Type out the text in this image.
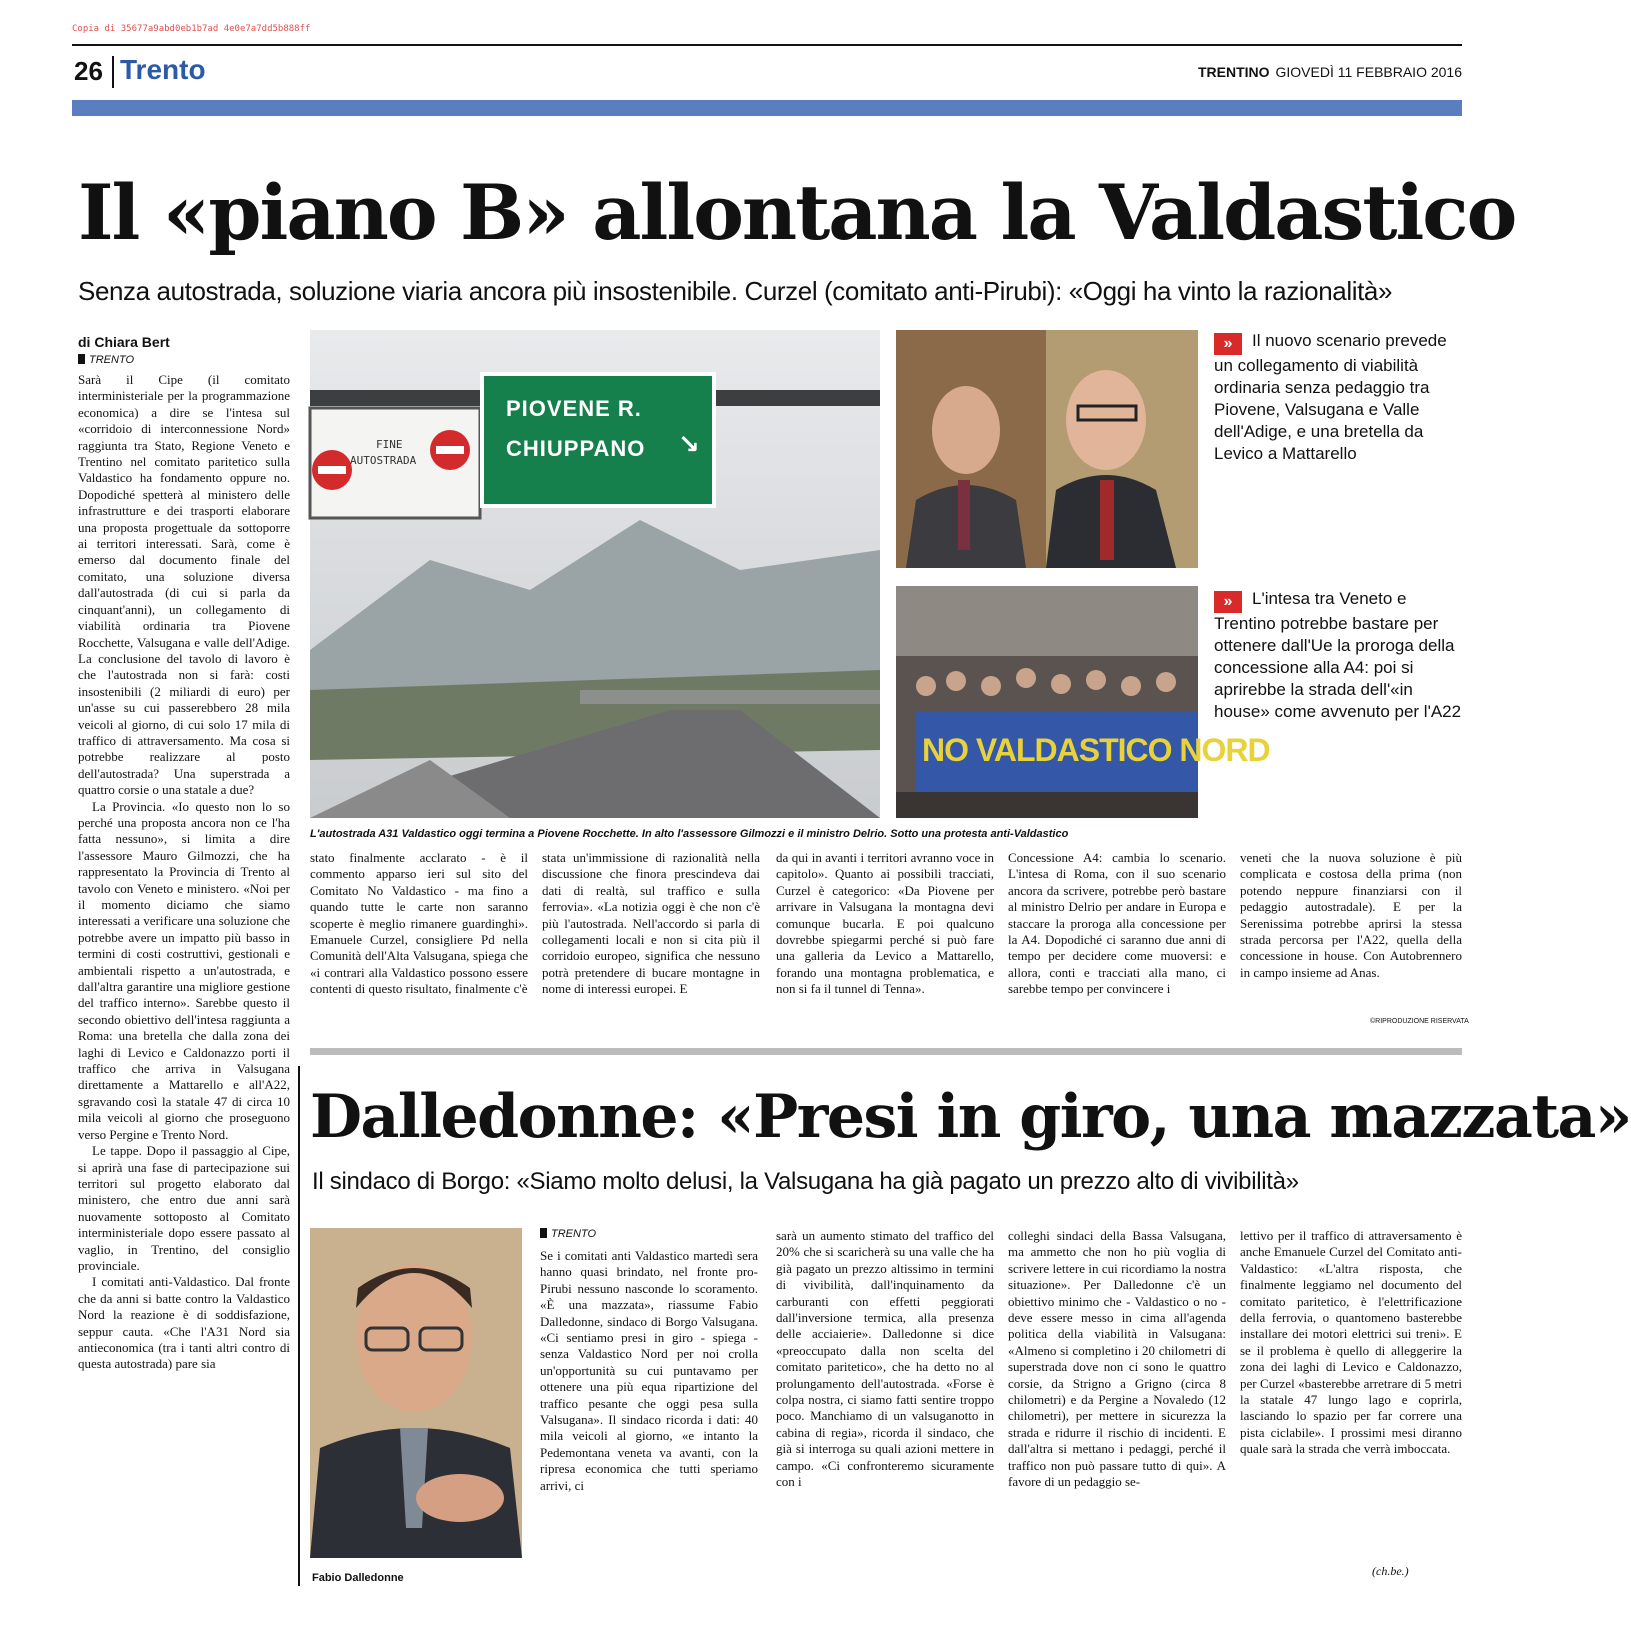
Copia di 35677a9abd0eb1b7ad 4e0e7a7dd5b888ff
26 Trento	TRENTINO GIOVEDÌ 11 FEBBRAIO 2016
Il «piano B» allontana la Valdastico
Senza autostrada, soluzione viaria ancora più insostenibile. Curzel (comitato anti-Pirubi): «Oggi ha vinto la razionalità»
di Chiara Bert
TRENTO

Sarà il Cipe (il comitato interministeriale per la programmazione economica) a dire se l'intesa sul «corridoio di interconnessione Nord» raggiunta tra Stato, Regione Veneto e Trentino nel comitato paritetico sulla Valdastico ha fondamento oppure no. Dopodiché spetterà al ministero delle infrastrutture e dei trasporti elaborare una proposta progettuale da sottoporre ai territori interessati. Sarà, come è emerso dal documento finale del comitato, una soluzione diversa dall'autostrada (di cui si parla da cinquant'anni), un collegamento di viabilità ordinaria tra Piovene Rocchette, Valsugana e valle dell'Adige. La conclusione del tavolo di lavoro è che l'autostrada non si farà: costi insostenibili (2 miliardi di euro) per un'asse su cui passerebbero 28 mila veicoli al giorno, di cui solo 17 mila di traffico di attraversamento. Ma cosa si potrebbe realizzare al posto dell'autostrada? Una superstrada a quattro corsie o una statale a due?

La Provincia. «Io questo non lo so perché una proposta ancora non ce l'ha fatta nessuno», si limita a dire l'assessore Mauro Gilmozzi, che ha rappresentato la Provincia di Trento al tavolo con Veneto e ministero. «Noi per il momento diciamo che siamo interessati a verificare una soluzione che potrebbe avere un impatto più basso in termini di costi costruttivi, gestionali e ambientali rispetto a un'autostrada, e dall'altra garantire una migliore gestione del traffico interno». Sarebbe questo il secondo obiettivo dell'intesa raggiunta a Roma: una bretella che dalla zona dei laghi di Levico e Caldonazzo porti il traffico che arriva in Valsugana direttamente a Mattarello e all'A22, sgravando così la statale 47 di circa 10 mila veicoli al giorno che proseguono verso Pergine e Trento Nord.

Le tappe. Dopo il passaggio al Cipe, si aprirà una fase di partecipazione sui territori sul progetto elaborato dal ministero, che entro due anni sarà nuovamente sottoposto al Comitato interministeriale dopo essere passato al vaglio, in Trentino, del consiglio provinciale.

I comitati anti-Valdastico. Dal fronte che da anni si batte contro la Valdastico Nord la reazione è di soddisfazione, seppur cauta. «Che l'A31 Nord sia antieconomica (tra i tanti altri contro di questa autostrada) pare sia

FINE
AUTOSTRADA
PIOVENE R.
CHIUPPANO ↘
NO VALDASTICO NORD
L'autostrada A31 Valdastico oggi termina a Piovene Rocchette. In alto l'assessore Gilmozzi e il ministro Delrio. Sotto una protesta anti-Valdastico
» Il nuovo scenario prevede un collegamento di viabilità ordinaria senza pedaggio tra Piovene, Valsugana e Valle dell'Adige, e una bretella da Levico a Mattarello
» L'intesa tra Veneto e Trentino potrebbe bastare per ottenere dall'Ue la proroga della concessione alla A4: poi si aprirebbe la strada dell'«in house» come avvenuto per l'A22
stato finalmente acclarato - è il commento apparso ieri sul sito del Comitato No Valdastico - ma fino a quando tutte le carte non saranno scoperte è meglio rimanere guardinghi». Emanuele Curzel, consigliere Pd nella Comunità dell'Alta Valsugana, spiega che «i contrari alla Valdastico possono essere contenti di questo risultato, finalmente c'è
stata un'immissione di razionalità nella discussione che finora prescindeva dai dati di realtà, sul traffico e sulla ferrovia». «La notizia oggi è che non c'è più l'autostrada. Nell'accordo si parla di collegamenti locali e non si cita più il corridoio europeo, significa che nessuno potrà pretendere di bucare montagne in nome di interessi europei. E
da qui in avanti i territori avranno voce in capitolo». Quanto ai possibili tracciati, Curzel è categorico: «Da Piovene per arrivare in Valsugana la montagna devi comunque bucarla. E poi qualcuno dovrebbe spiegarmi perché si può fare una galleria da Levico a Mattarello, forando una montagna problematica, e non si fa il tunnel di Tenna».
Concessione A4: cambia lo scenario. L'intesa di Roma, con il suo scenario ancora da scrivere, potrebbe però bastare al ministro Delrio per andare in Europa e staccare la proroga alla concessione per la A4. Dopodiché ci saranno due anni di tempo per decidere come muoversi: e allora, conti e tracciati alla mano, ci sarebbe tempo per convincere i
veneti che la nuova soluzione è più complicata e costosa della prima (non potendo neppure finanziarsi con il pedaggio autostradale). E per la Serenissima potrebbe aprirsi la stessa strada percorsa per l'A22, quella della concessione in house. Con Autobrennero in campo insieme ad Anas.
©RIPRODUZIONE RISERVATA
Dalledonne: «Presi in giro, una mazzata»
Il sindaco di Borgo: «Siamo molto delusi, la Valsugana ha già pagato un prezzo alto di vivibilità»
Fabio Dalledonne
TRENTO
Se i comitati anti Valdastico martedì sera hanno quasi brindato, nel fronte pro-Pirubi nessuno nasconde lo scoramento. «È una mazzata», riassume Fabio Dalledonne, sindaco di Borgo Valsugana. «Ci sentiamo presi in giro - spiega - senza Valdastico Nord per noi crolla un'opportunità su cui puntavamo per ottenere una più equa ripartizione del traffico pesante che oggi pesa sulla Valsugana». Il sindaco ricorda i dati: 40 mila veicoli al giorno, «e intanto la Pedemontana veneta va avanti, con la ripresa economica che tutti speriamo arrivi, ci
sarà un aumento stimato del traffico del 20% che si scaricherà su una valle che ha già pagato un prezzo altissimo in termini di vivibilità, dall'inquinamento da carburanti con effetti peggiorati dall'inversione termica, alla presenza delle acciaierie». Dalledonne si dice «preoccupato dalla non scelta del comitato paritetico», che ha detto no al prolungamento dell'autostrada. «Forse è colpa nostra, ci siamo fatti sentire troppo poco. Manchiamo di un valsuganotto in cabina di regia», ricorda il sindaco, che già si interroga su quali azioni mettere in campo. «Ci confronteremo sicuramente con i
colleghi sindaci della Bassa Valsugana, ma ammetto che non ho più voglia di scrivere lettere in cui ricordiamo la nostra situazione». Per Dalledonne c'è un obiettivo minimo che - Valdastico o no - deve essere messo in cima all'agenda politica della viabilità in Valsugana: «Almeno si completino i 20 chilometri di superstrada dove non ci sono le quattro corsie, da Strigno a Grigno (circa 8 chilometri) e da Pergine a Novaledo (12 chilometri), per mettere in sicurezza la strada e ridurre il rischio di incidenti. E dall'altra si mettano i pedaggi, perché il traffico non può passare tutto di qui». A favore di un pedaggio se-
lettivo per il traffico di attraversamento è anche Emanuele Curzel del Comitato anti-Valdastico: «L'altra risposta, che finalmente leggiamo nel documento del comitato paritetico, è l'elettrificazione della ferrovia, o quantomeno basterebbe installare dei motori elettrici sui treni». E se il problema è quello di alleggerire la zona dei laghi di Levico e Caldonazzo, per Curzel «basterebbe arretrare di 5 metri la statale 47 lungo lago e coprirla, lasciando lo spazio per far correre una pista ciclabile». I prossimi mesi diranno quale sarà la strada che verrà imboccata.
(ch.be.)
